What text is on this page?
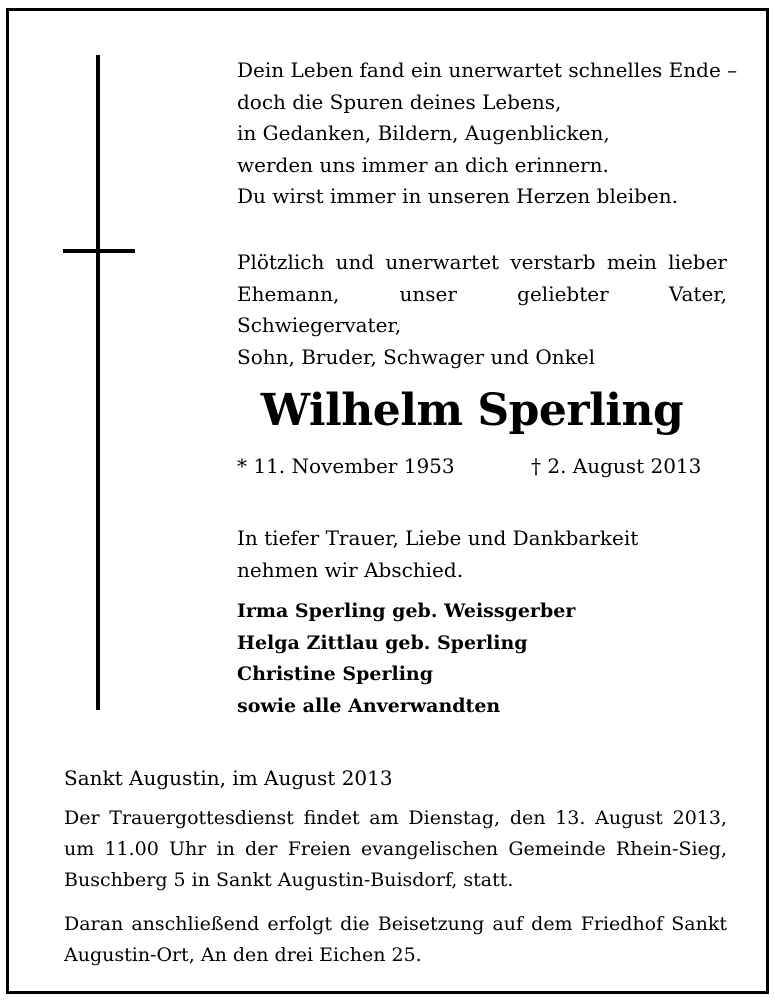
Dein Leben fand ein unerwartet schnelles Ende –
doch die Spuren deines Lebens,
in Gedanken, Bildern, Augenblicken,
werden uns immer an dich erinnern.
Du wirst immer in unseren Herzen bleiben.
Plötzlich und unerwartet verstarb mein lieber
Ehemann, unser geliebter Vater, Schwiegervater,
Sohn, Bruder, Schwager und Onkel
Wilhelm Sperling
* 11. November 1953	† 2. August 2013
In tiefer Trauer, Liebe und Dankbarkeit
nehmen wir Abschied.
Irma Sperling geb. Weissgerber
Helga Zittlau geb. Sperling
Christine Sperling
sowie alle Anverwandten
Sankt Augustin, im August 2013
Der Trauergottesdienst findet am Dienstag, den 13. August 2013,
um 11.00 Uhr in der Freien evangelischen Gemeinde Rhein-Sieg,
Buschberg 5 in Sankt Augustin-Buisdorf, statt.
Daran anschließend erfolgt die Beisetzung auf dem Friedhof Sankt
Augustin-Ort, An den drei Eichen 25.
